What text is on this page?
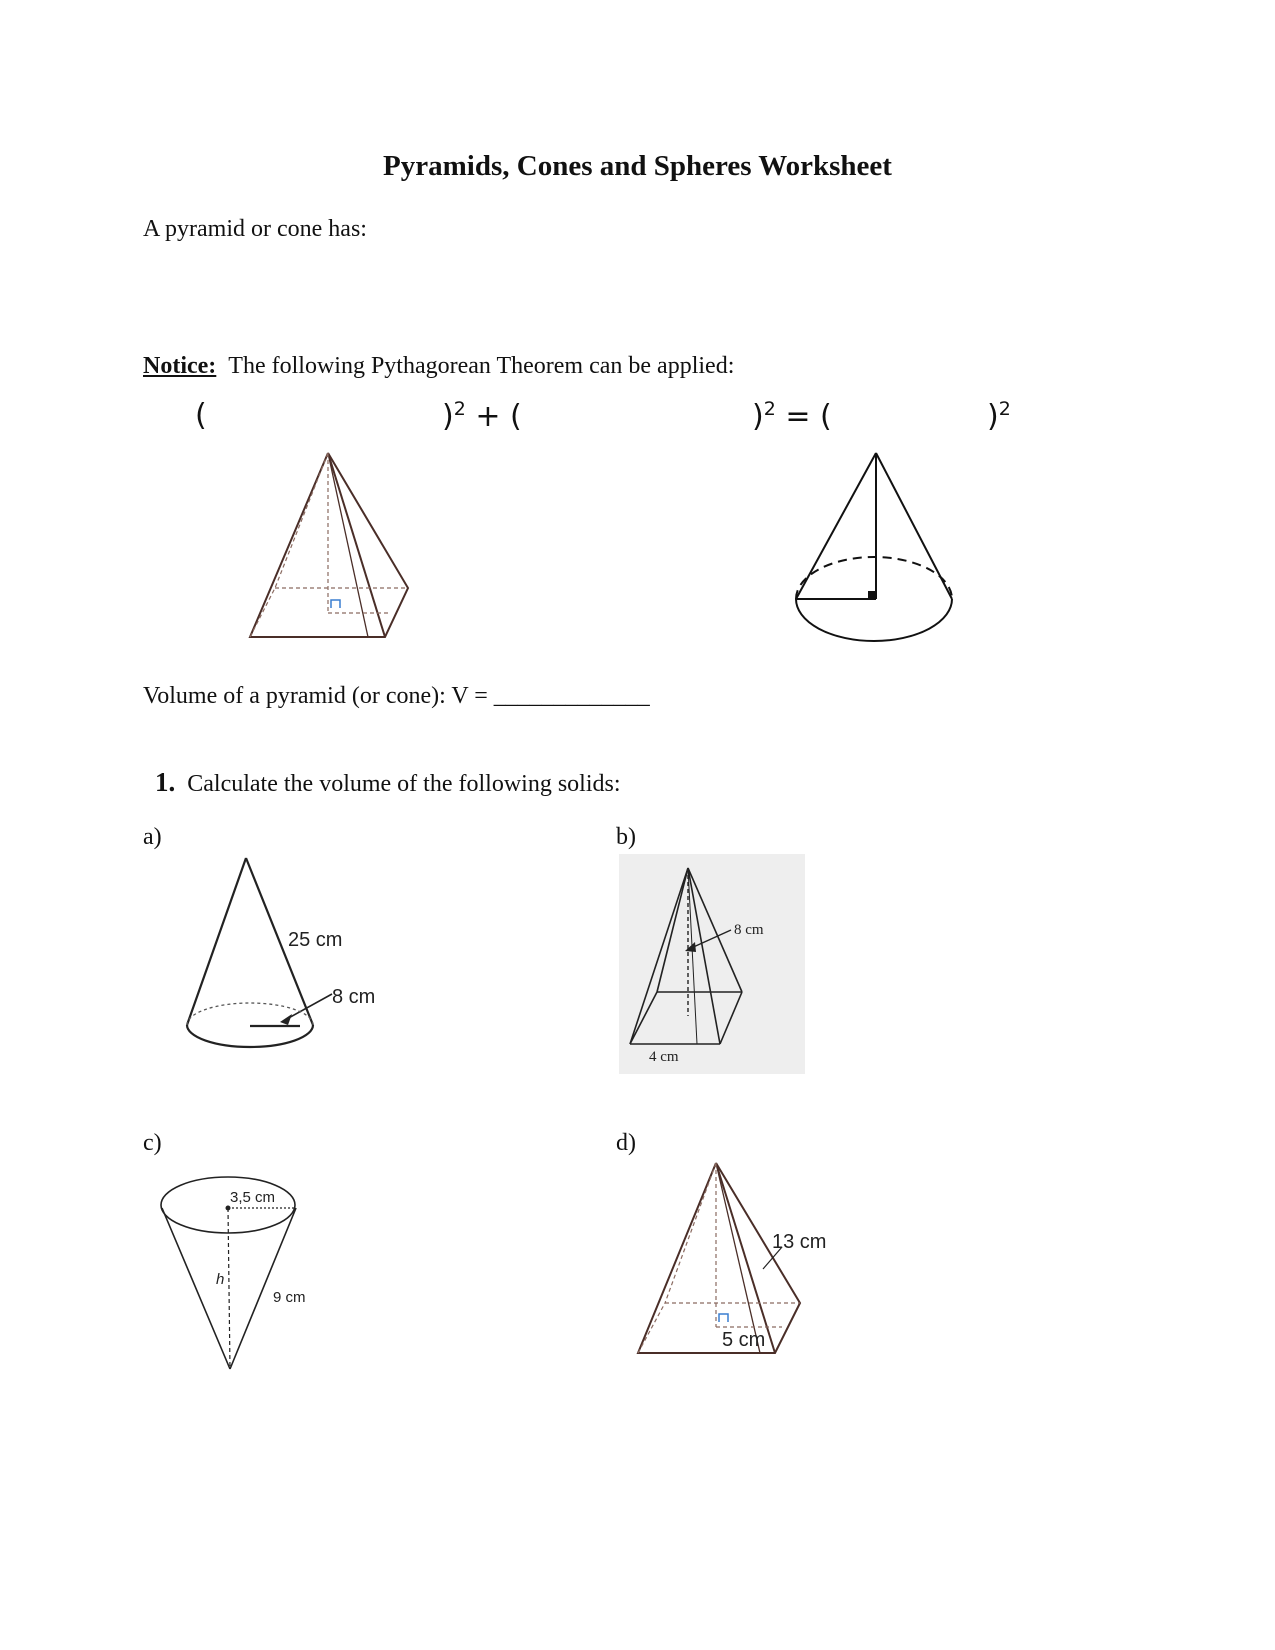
Pyramids, Cones and Spheres Worksheet
A pyramid or cone has:
Notice: The following Pythagorean Theorem can be applied:
(	)$^2$ + (	)$^2$ = (	)$^2$
Volume of a pyramid (or cone): V = _____________
1. Calculate the volume of the following solids:
a)	b)
c)	d)
25 cm
8 cm
8 cm
4 cm
3,5 cm
h
9 cm
13 cm
5 cm
